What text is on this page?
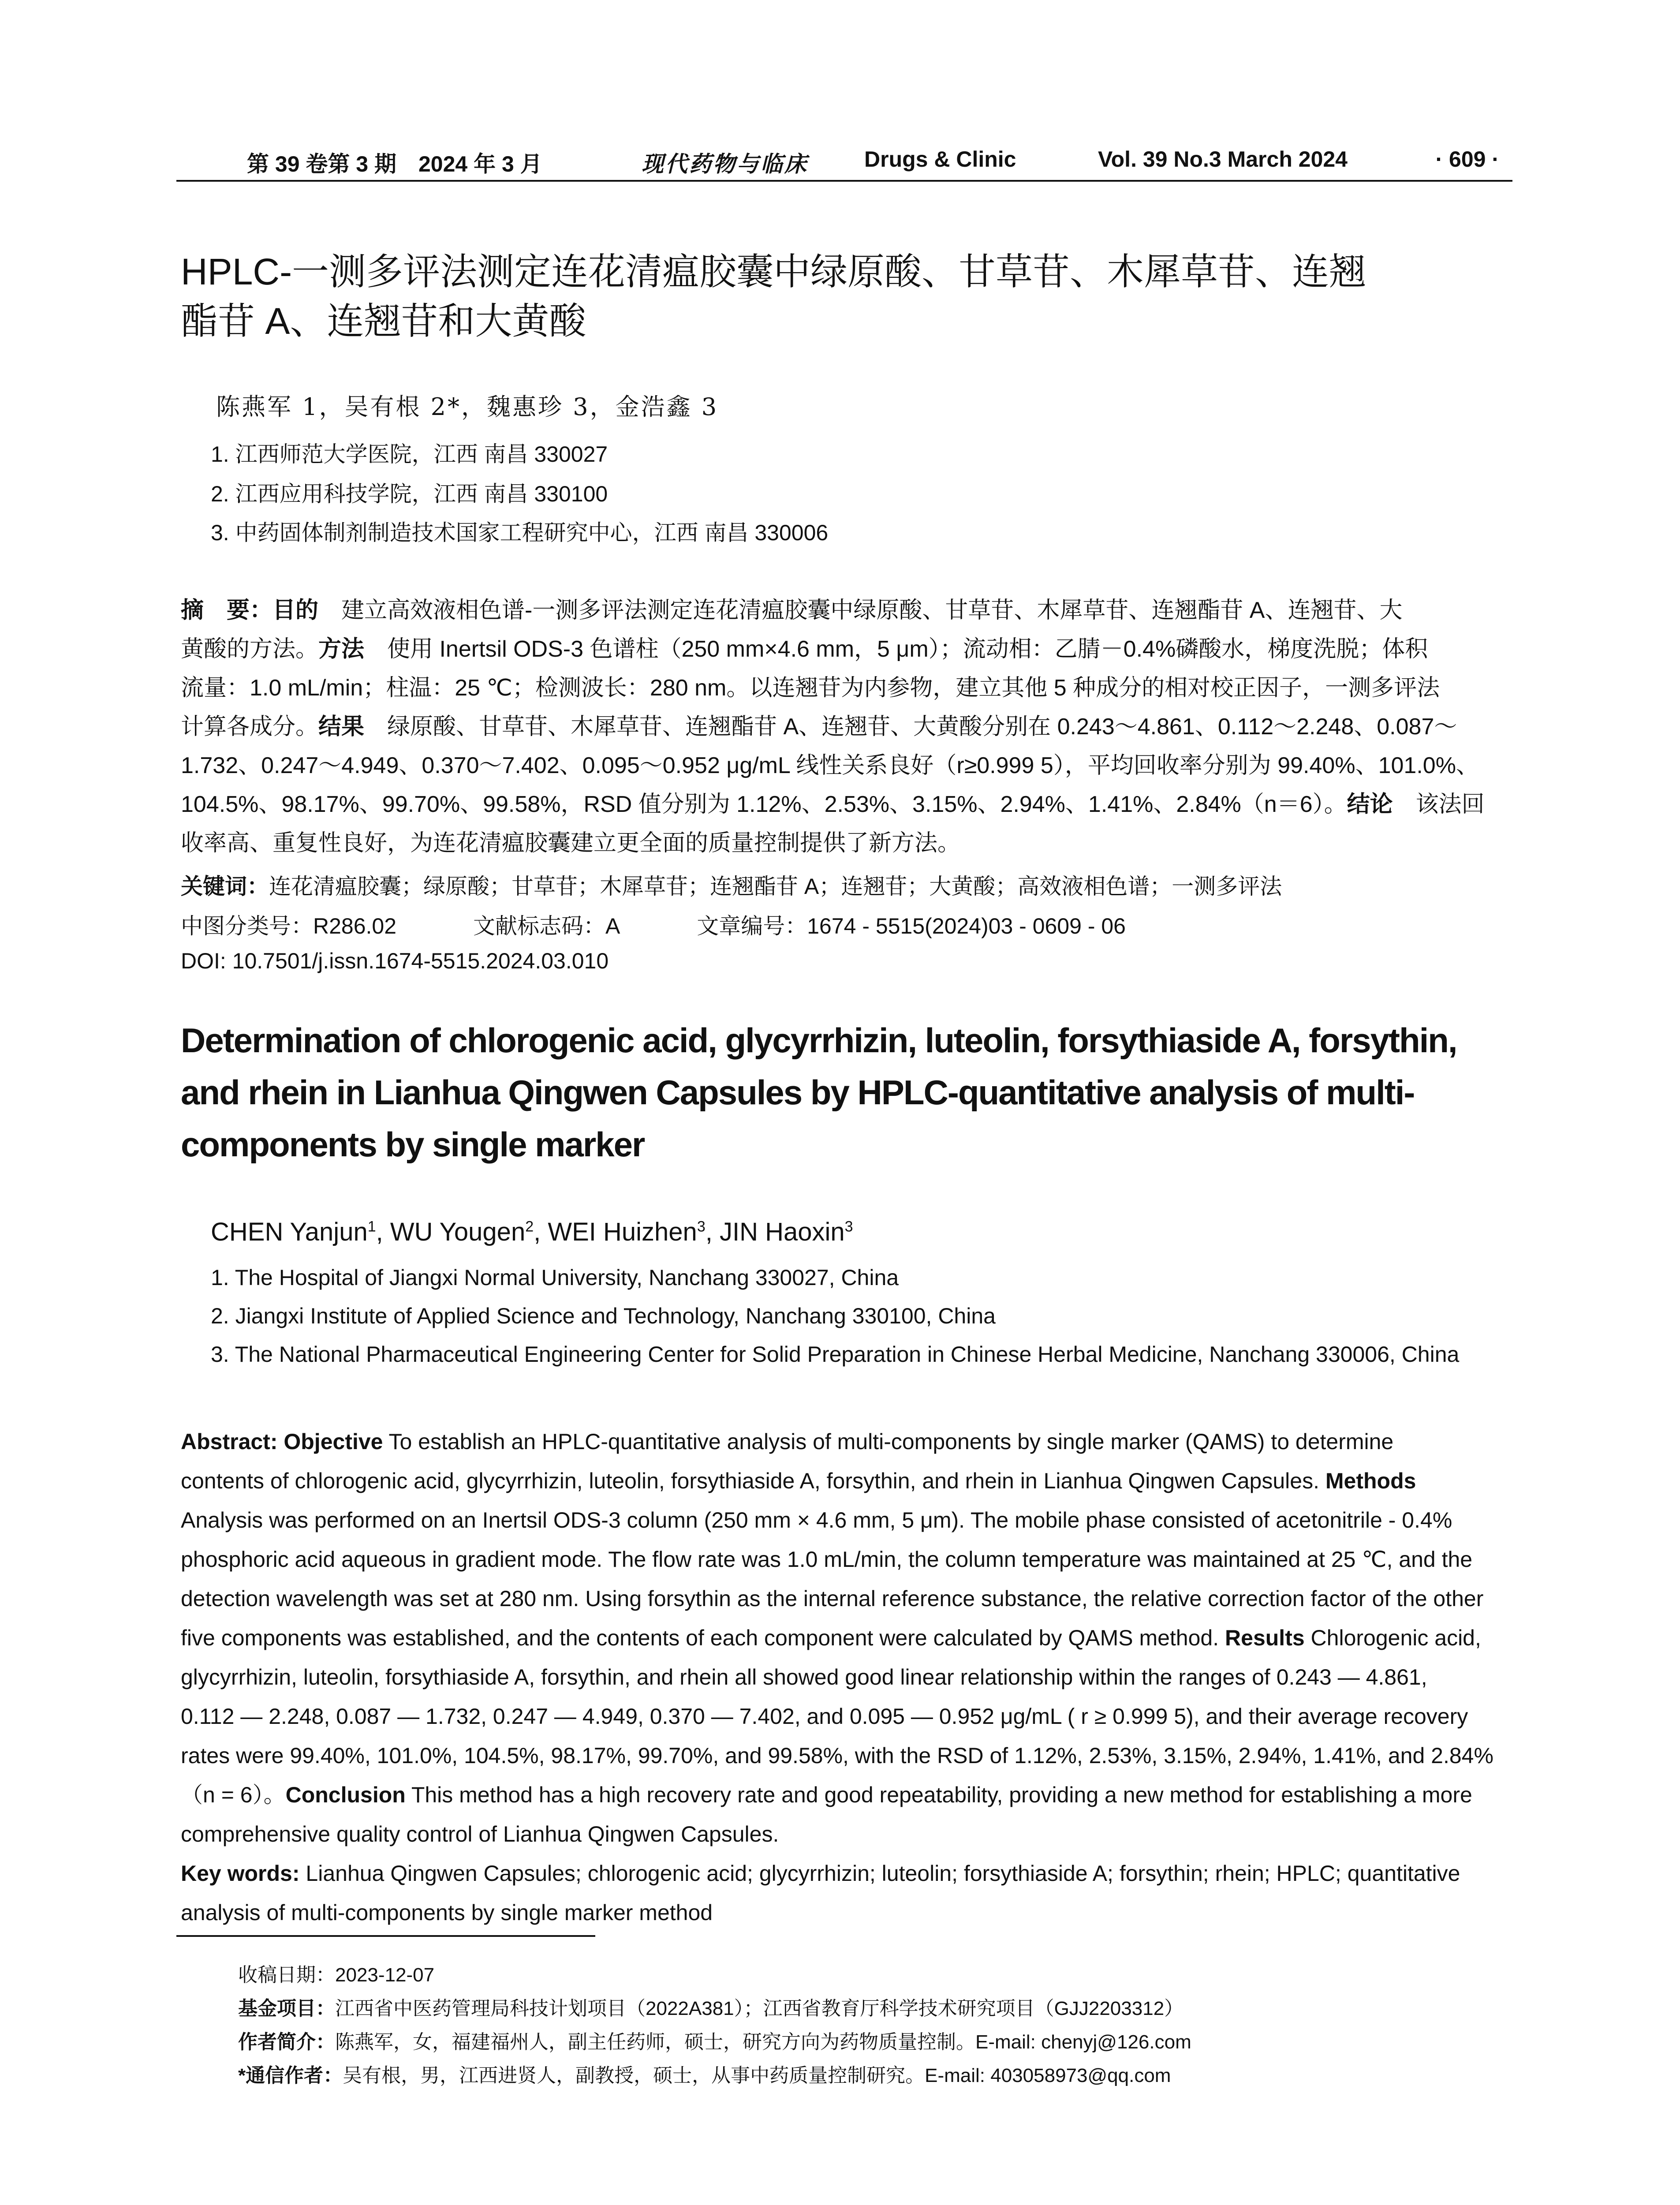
第 39 卷第 3 期　2024 年 3 月	现代药物与临床	Drugs & Clinic	Vol. 39 No.3 March 2024	· 609 ·
HPLC-一测多评法测定连花清瘟胶囊中绿原酸、甘草苷、木犀草苷、连翘
酯苷 A、连翘苷和大黄酸
陈燕军 1，吴有根 2*，魏惠珍 3，金浩鑫 3
1. 江西师范大学医院，江西 南昌 330027
2. 江西应用科技学院，江西 南昌 330100
3. 中药固体制剂制造技术国家工程研究中心，江西 南昌 330006
摘　要：目的　建立高效液相色谱-一测多评法测定连花清瘟胶囊中绿原酸、甘草苷、木犀草苷、连翘酯苷 A、连翘苷、大
黄酸的方法。方法　使用 Inertsil ODS-3 色谱柱（250 mm×4.6 mm，5 μm）；流动相：乙腈－0.4%磷酸水，梯度洗脱；体积
流量：1.0 mL/min；柱温：25 ℃；检测波长：280 nm。以连翘苷为内参物，建立其他 5 种成分的相对校正因子，一测多评法
计算各成分。结果　绿原酸、甘草苷、木犀草苷、连翘酯苷 A、连翘苷、大黄酸分别在 0.243～4.861、0.112～2.248、0.087～
1.732、0.247～4.949、0.370～7.402、0.095～0.952 μg/mL 线性关系良好（r≥0.999 5），平均回收率分别为 99.40%、101.0%、
104.5%、98.17%、99.70%、99.58%，RSD 值分别为 1.12%、2.53%、3.15%、2.94%、1.41%、2.84%（n＝6）。结论　该法回
收率高、重复性良好，为连花清瘟胶囊建立更全面的质量控制提供了新方法。
关键词：连花清瘟胶囊；绿原酸；甘草苷；木犀草苷；连翘酯苷 A；连翘苷；大黄酸；高效液相色谱；一测多评法
中图分类号：R286.02	文献标志码：A	文章编号：1674 - 5515(2024)03 - 0609 - 06
DOI: 10.7501/j.issn.1674-5515.2024.03.010
Determination of chlorogenic acid, glycyrrhizin, luteolin, forsythiaside A, forsythin,
and rhein in Lianhua Qingwen Capsules by HPLC-quantitative analysis of multi-
components by single marker
CHEN Yanjun$^1$, WU Yougen$^2$, WEI Huizhen$^3$, JIN Haoxin$^3$
1. The Hospital of Jiangxi Normal University, Nanchang 330027, China
2. Jiangxi Institute of Applied Science and Technology, Nanchang 330100, China
3. The National Pharmaceutical Engineering Center for Solid Preparation in Chinese Herbal Medicine, Nanchang 330006, China
Abstract: Objective To establish an HPLC-quantitative analysis of multi-components by single marker (QAMS) to determine
contents of chlorogenic acid, glycyrrhizin, luteolin, forsythiaside A, forsythin, and rhein in Lianhua Qingwen Capsules. Methods
Analysis was performed on an Inertsil ODS-3 column (250 mm × 4.6 mm, 5 μm). The mobile phase consisted of acetonitrile - 0.4%
phosphoric acid aqueous in gradient mode. The flow rate was 1.0 mL/min, the column temperature was maintained at 25 ℃, and the
detection wavelength was set at 280 nm. Using forsythin as the internal reference substance, the relative correction factor of the other
five components was established, and the contents of each component were calculated by QAMS method. Results Chlorogenic acid,
glycyrrhizin, luteolin, forsythiaside A, forsythin, and rhein all showed good linear relationship within the ranges of 0.243 — 4.861,
0.112 — 2.248, 0.087 — 1.732, 0.247 — 4.949, 0.370 — 7.402, and 0.095 — 0.952 μg/mL ( r ≥ 0.999 5), and their average recovery
rates were 99.40%, 101.0%, 104.5%, 98.17%, 99.70%, and 99.58%, with the RSD of 1.12%, 2.53%, 3.15%, 2.94%, 1.41%, and 2.84%
（n = 6）。Conclusion This method has a high recovery rate and good repeatability, providing a new method for establishing a more
comprehensive quality control of Lianhua Qingwen Capsules.
Key words: Lianhua Qingwen Capsules; chlorogenic acid; glycyrrhizin; luteolin; forsythiaside A; forsythin; rhein; HPLC; quantitative
analysis of multi-components by single marker method
收稿日期：2023-12-07
基金项目：江西省中医药管理局科技计划项目（2022A381）；江西省教育厅科学技术研究项目（GJJ2203312）
作者简介：陈燕军，女，福建福州人，副主任药师，硕士，研究方向为药物质量控制。E-mail: chenyj@126.com
*通信作者：吴有根，男，江西进贤人，副教授，硕士，从事中药质量控制研究。E-mail: 403058973@qq.com
